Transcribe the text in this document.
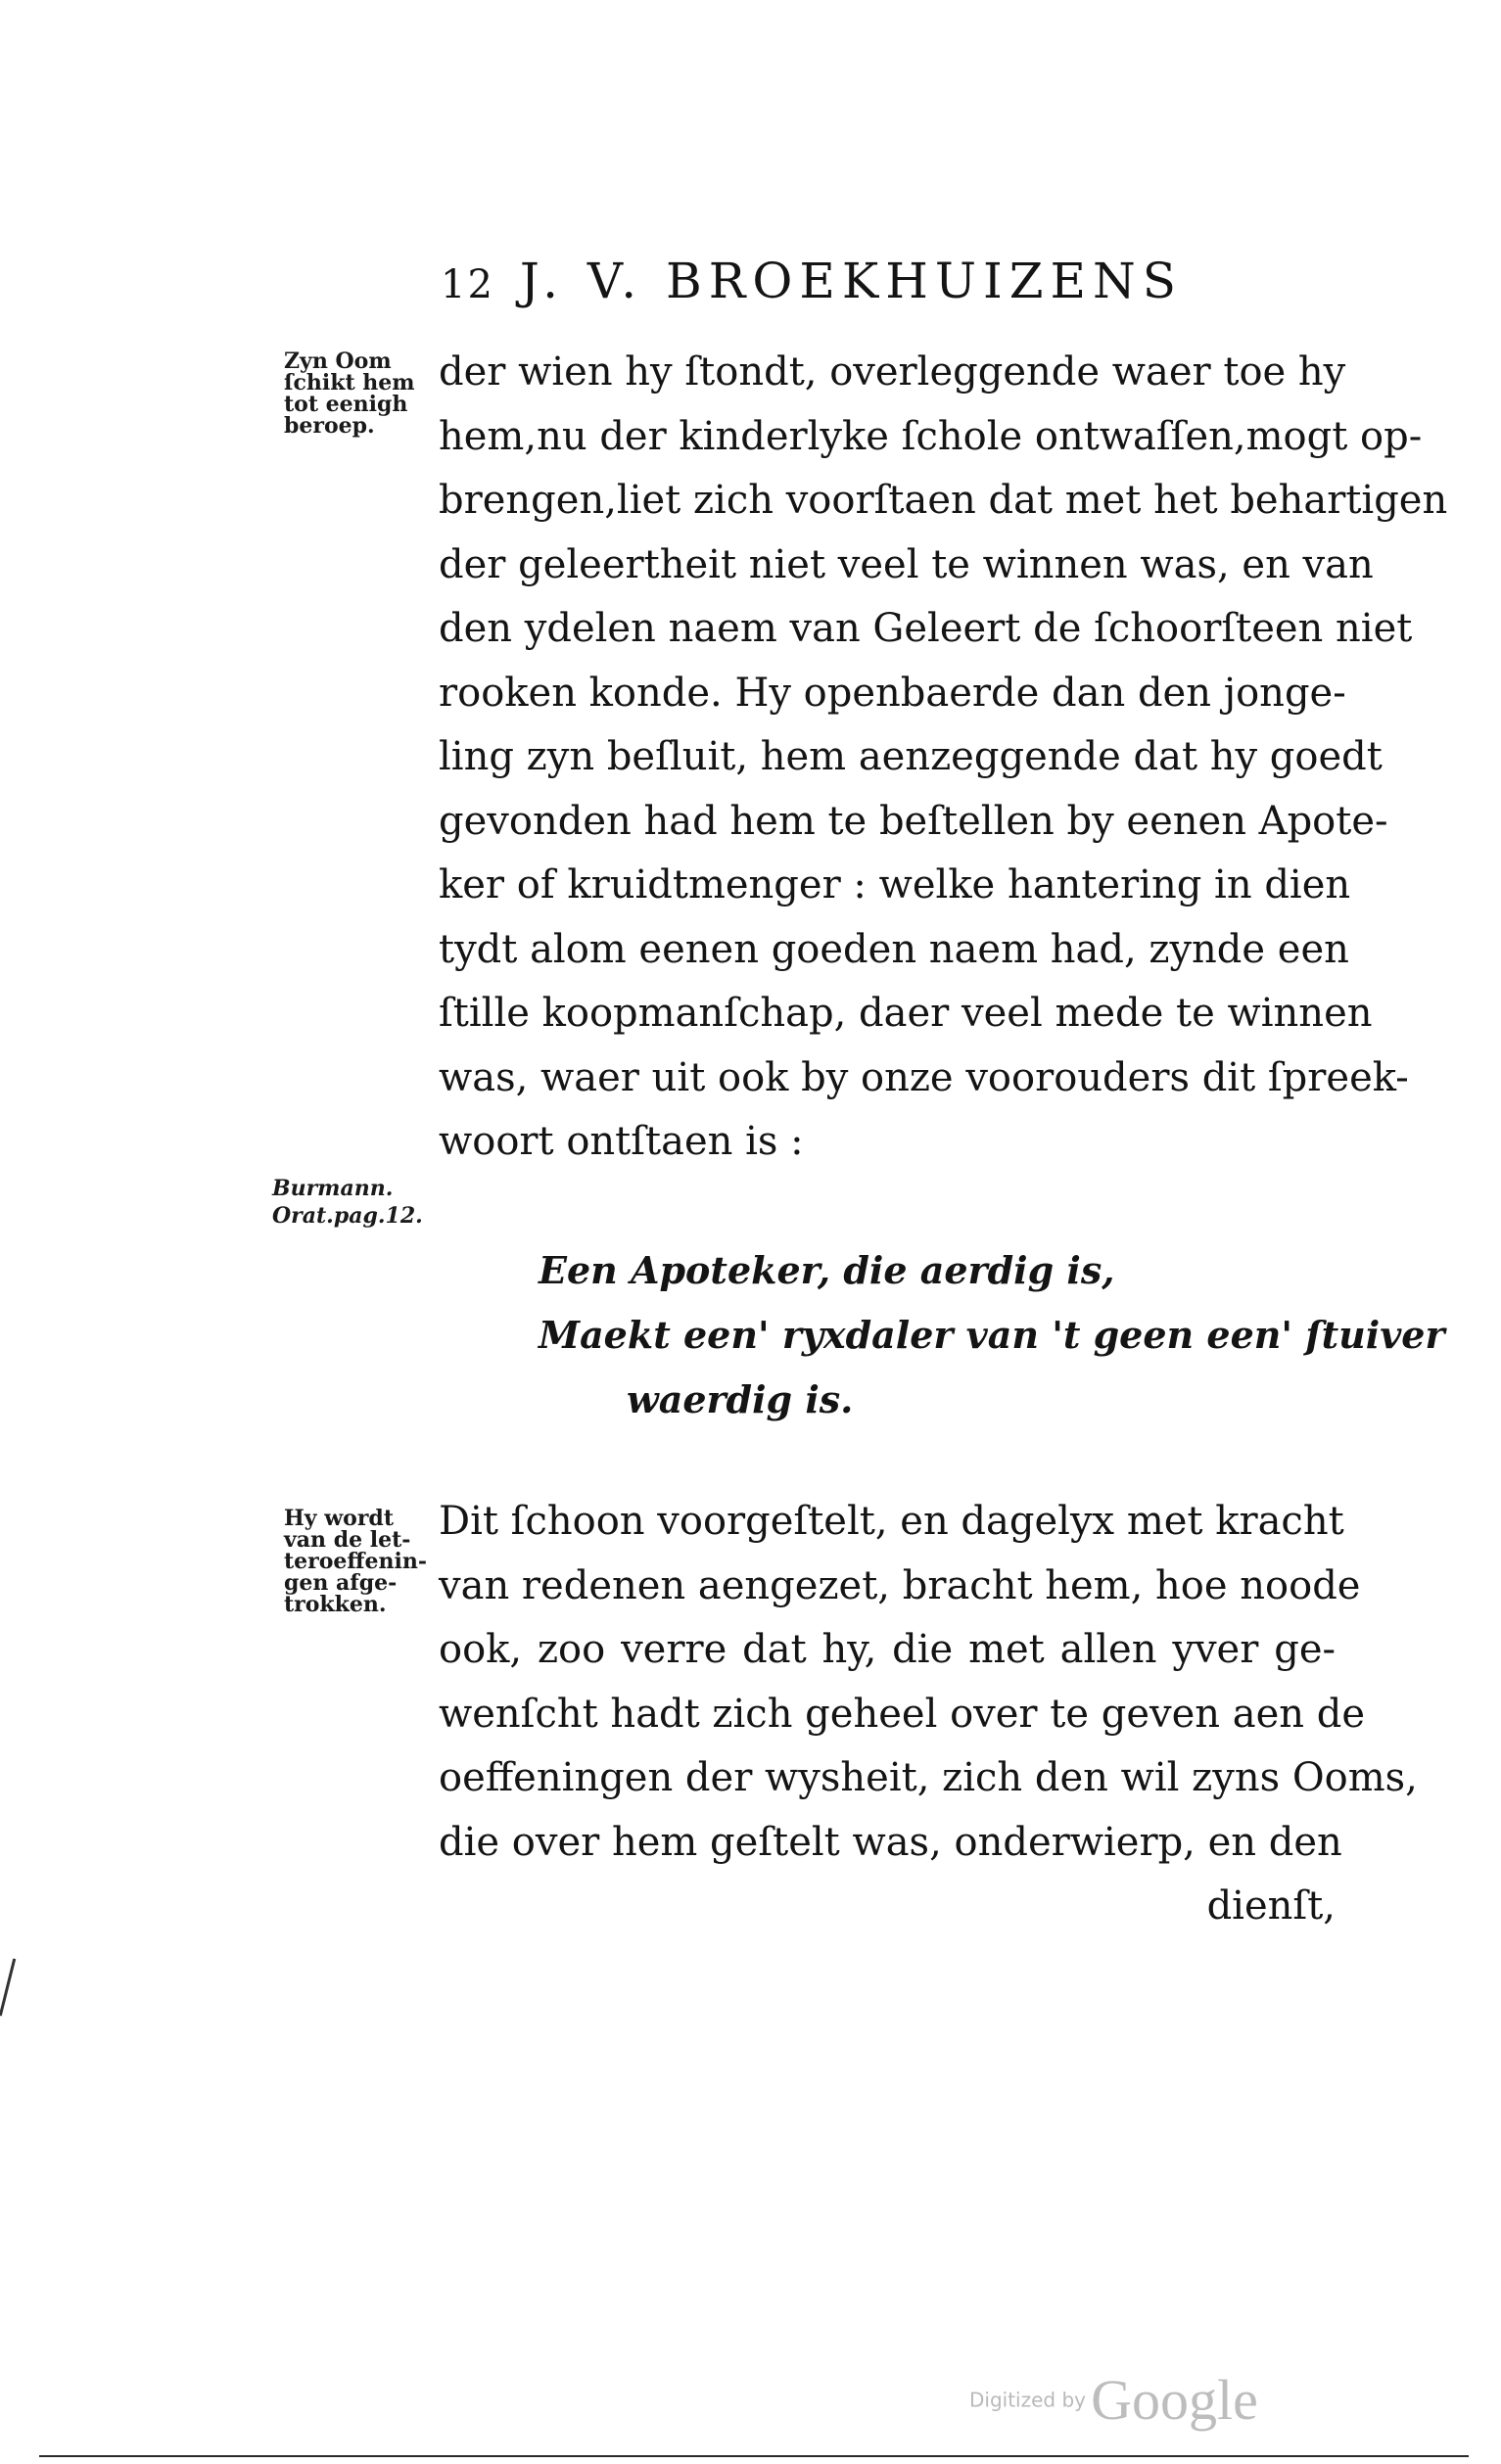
12 J. V. BROEKHUIZENS
Zyn Oom
ſchikt hem
tot eenigh
beroep.
Burmann.
Orat.pag.12.
Hy wordt
van de let-
teroeffenin-
gen afge-
trokken.
der wien hy ſtondt, overleggende waer toe hy
hem,nu der kinderlyke ſchole ontwaſſen,mogt op-
brengen,liet zich voorſtaen dat met het behartigen
der geleertheit niet veel te winnen was, en van
den ydelen naem van Geleert de ſchoorſteen niet
rooken konde. Hy openbaerde dan den jonge-
ling zyn beſluit, hem aenzeggende dat hy goedt
gevonden had hem te beſtellen by eenen Apote-
ker of kruidtmenger : welke hantering in dien
tydt alom eenen goeden naem had, zynde een
ſtille koopmanſchap, daer veel mede te winnen
was, waer uit ook by onze voorouders dit ſpreek-
woort ontſtaen is :
Een Apoteker, die aerdig is,
Maekt een' ryxdaler van 't geen een' ſtuiver
waerdig is.
Dit ſchoon voorgeſtelt, en dagelyx met kracht
van redenen aengezet, bracht hem, hoe noode
ook, zoo verre dat hy, die met allen yver ge-
wenſcht hadt zich geheel over te geven aen de
oeffeningen der wysheit, zich den wil zyns Ooms,
die over hem geſtelt was, onderwierp, en den
dienſt,
Digitized by Google
